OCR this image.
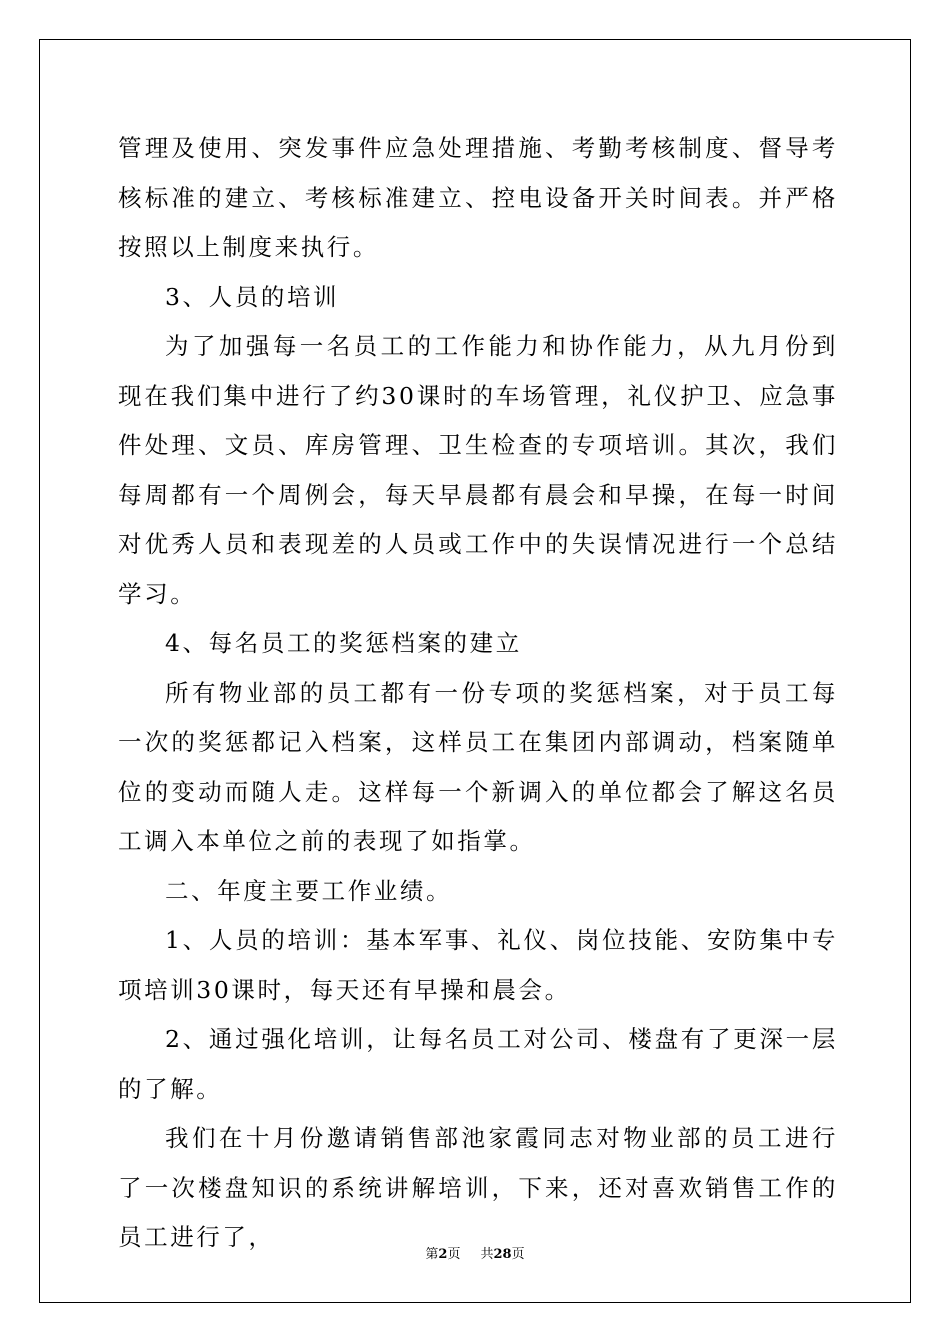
管理及使用、突发事件应急处理措施、考勤考核制度、督导考核标准的建立、考核标准建立、控电设备开关时间表。并严格按照以上制度来执行。

3、人员的培训

为了加强每一名员工的工作能力和协作能力，从九月份到现在我们集中进行了约30课时的车场管理，礼仪护卫、应急事件处理、文员、库房管理、卫生检查的专项培训。其次，我们每周都有一个周例会，每天早晨都有晨会和早操，在每一时间对优秀人员和表现差的人员或工作中的失误情况进行一个总结学习。

4、每名员工的奖惩档案的建立

所有物业部的员工都有一份专项的奖惩档案，对于员工每一次的奖惩都记入档案，这样员工在集团内部调动，档案随单位的变动而随人走。这样每一个新调入的单位都会了解这名员工调入本单位之前的表现了如指掌。

二、年度主要工作业绩。

1、人员的培训：基本军事、礼仪、岗位技能、安防集中专项培训30课时，每天还有早操和晨会。

2、通过强化培训，让每名员工对公司、楼盘有了更深一层的了解。

我们在十月份邀请销售部池家霞同志对物业部的员工进行了一次楼盘知识的系统讲解培训，下来，还对喜欢销售工作的员工进行了，

第2页 共28页
